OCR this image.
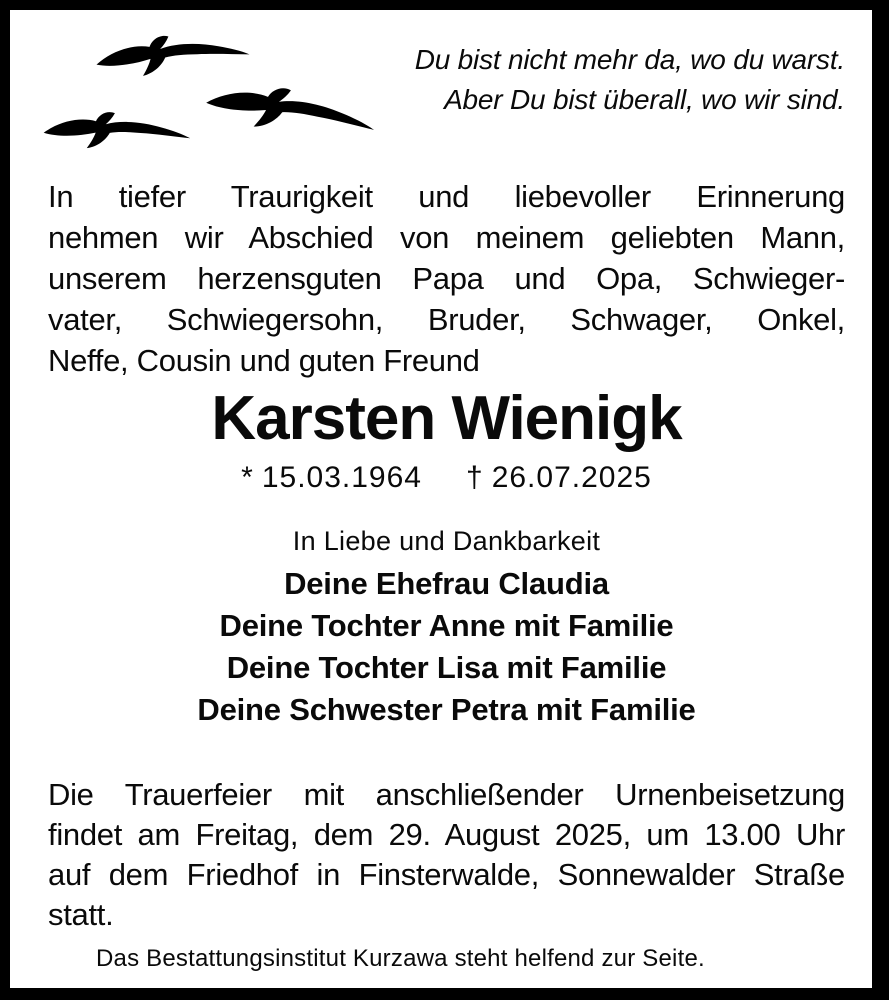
Du bist nicht mehr da, wo du warst.
Aber Du bist überall, wo wir sind.
In tiefer Traurigkeit und liebevoller Erinnerung
nehmen wir Abschied von meinem geliebten Mann,
unserem herzensguten Papa und Opa, Schwieger-
vater, Schwiegersohn, Bruder, Schwager, Onkel,
Neffe, Cousin und guten Freund
Karsten Wienigk
* 15.03.1964 † 26.07.2025
In Liebe und Dankbarkeit
Deine Ehefrau Claudia
Deine Tochter Anne mit Familie
Deine Tochter Lisa mit Familie
Deine Schwester Petra mit Familie
Die Trauerfeier mit anschließender Urnenbeisetzung
findet am Freitag, dem 29. August 2025, um 13.00 Uhr
auf dem Friedhof in Finsterwalde, Sonnewalder Straße
statt.
Das Bestattungsinstitut Kurzawa steht helfend zur Seite.
